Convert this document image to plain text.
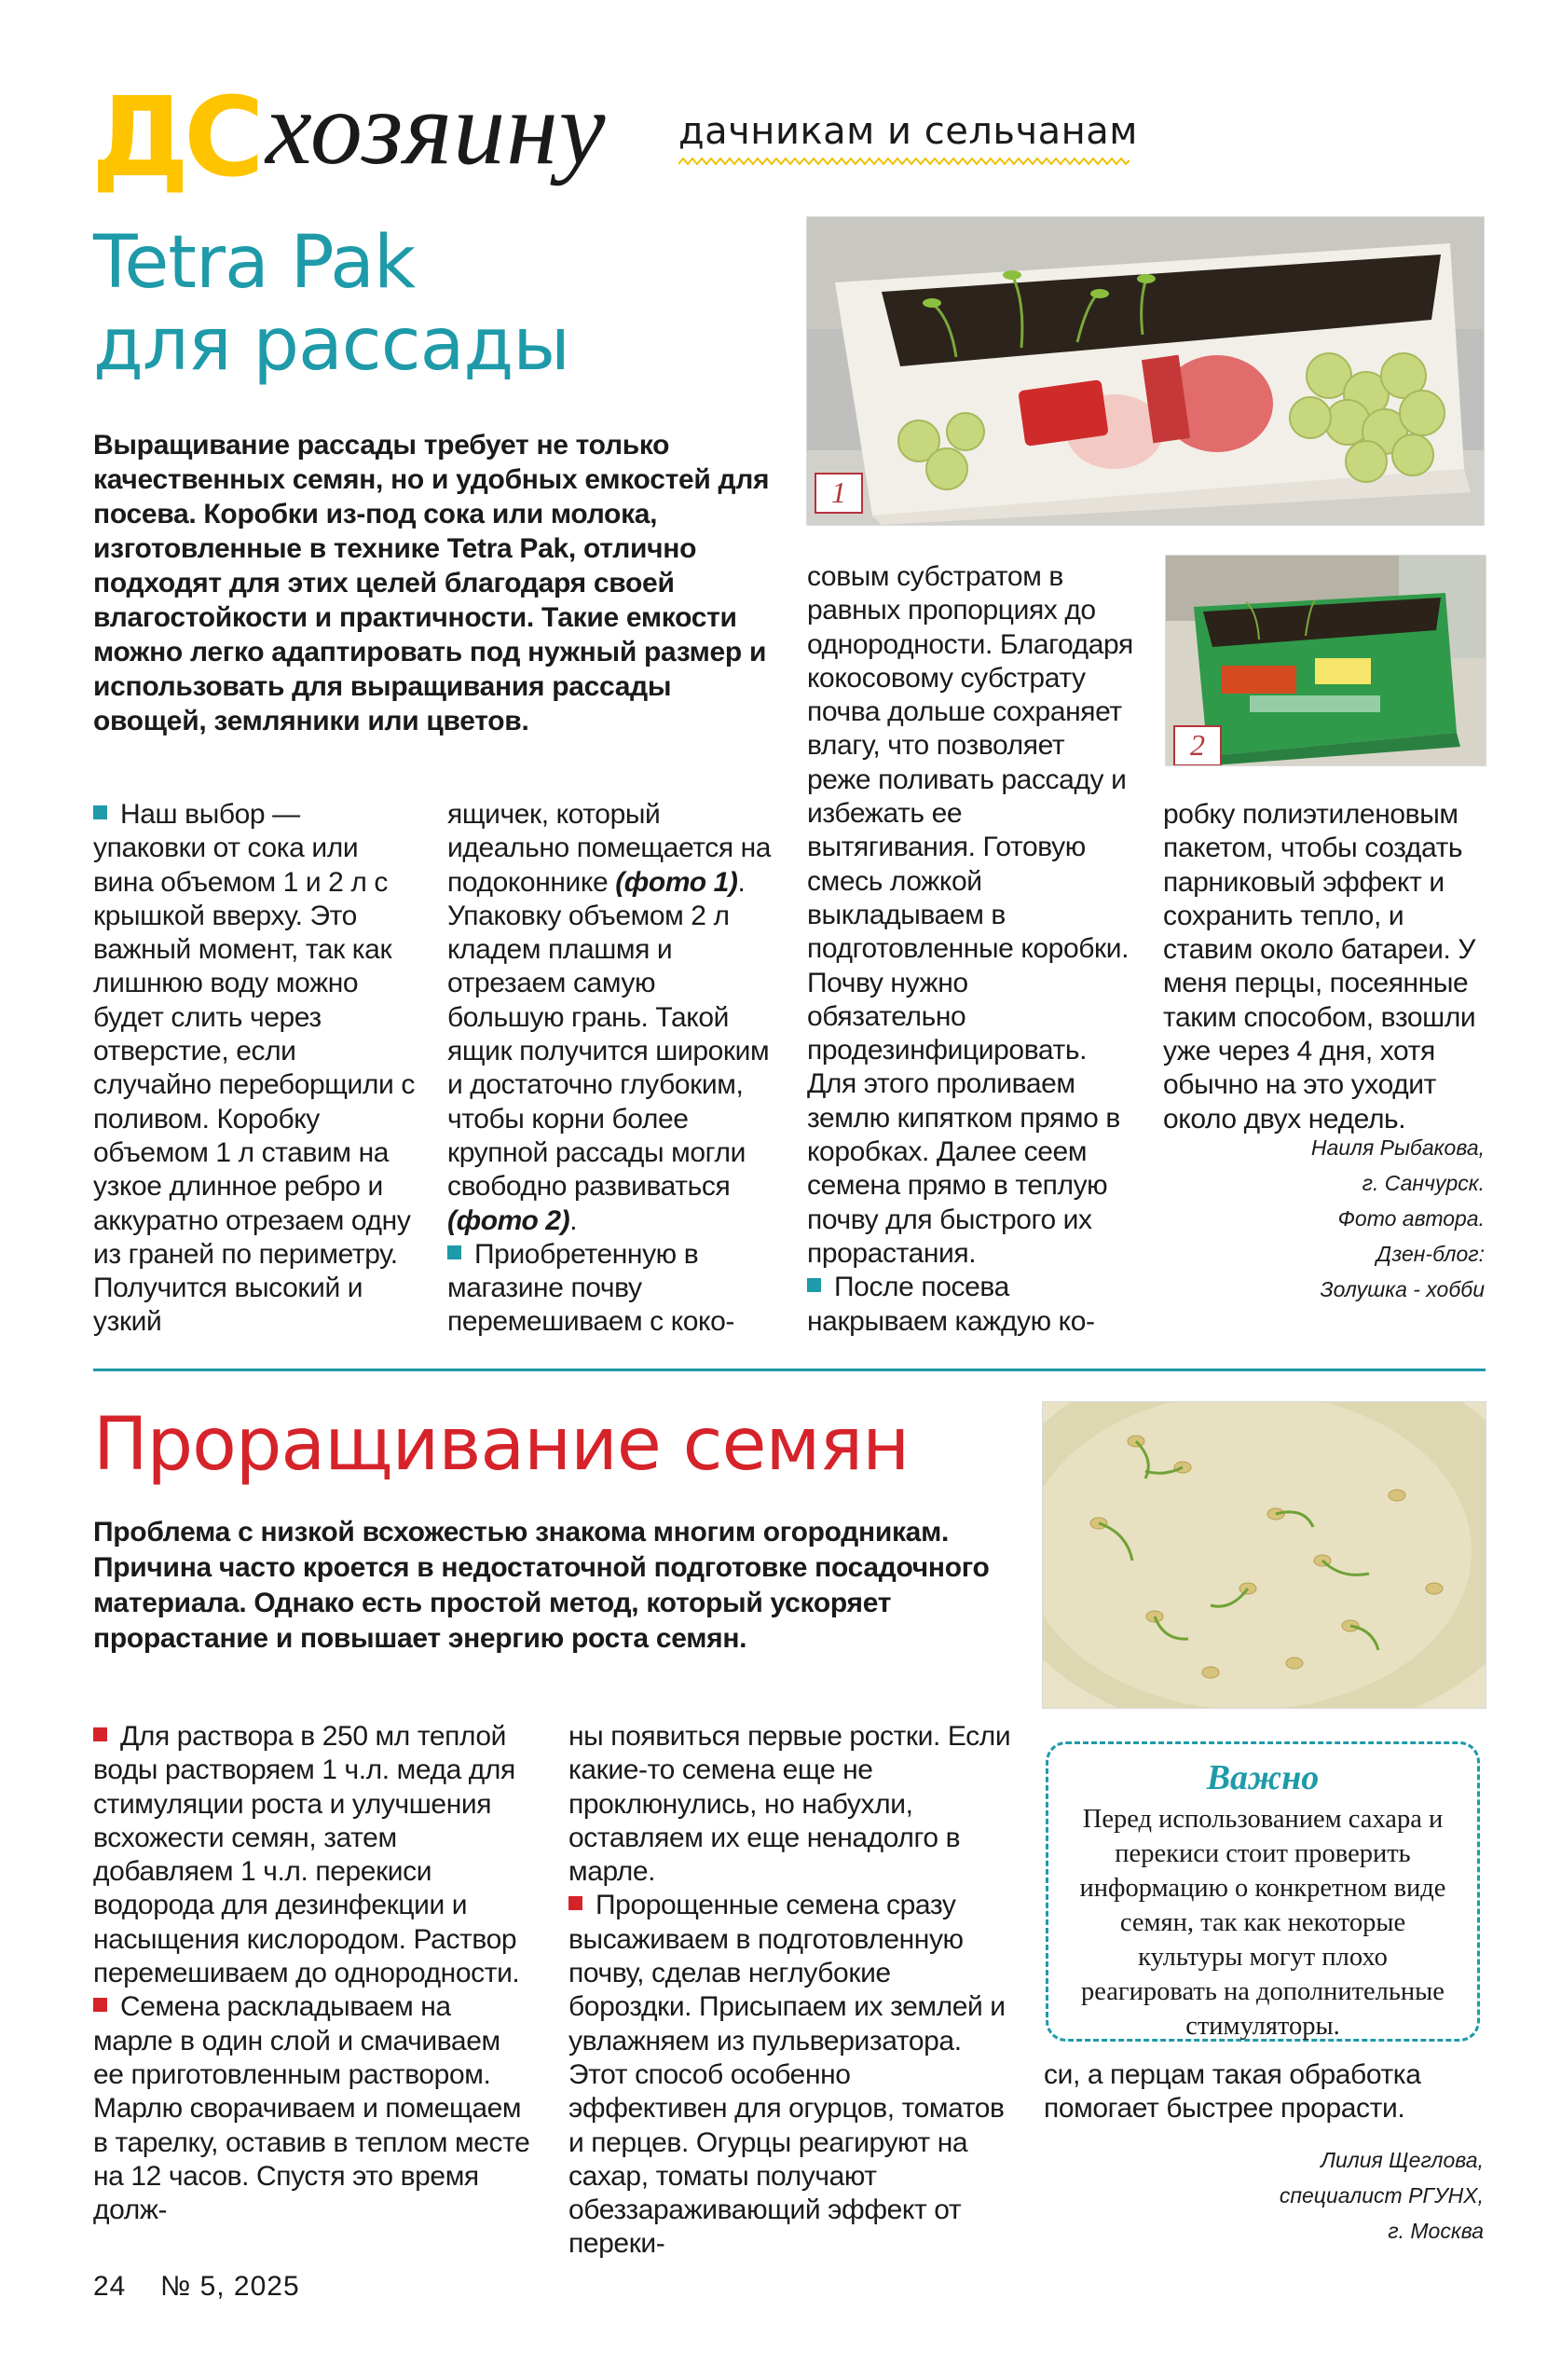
ДС хозяину дачникам и сельчанам
Tetra Pak
для рассады

Выращивание рассады требует не только качественных семян, но и удобных емкостей для посева. Коробки из-под сока или молока, изготовленные в технике Tetra Pak, отлично подходят для этих целей благодаря своей влагостойкости и практичности. Такие емкости можно легко адаптировать под нужный размер и использовать для выращивания рассады овощей, земляники или цветов.

1
2

Наш выбор — упаковки от сока или вина объемом 1 и 2 л с крышкой вверху. Это важный момент, так как лишнюю воду можно будет слить через отверстие, если случайно переборщили с поливом. Коробку объемом 1 л ставим на узкое длинное ребро и аккуратно отрезаем одну из граней по периметру. Получится высокий и узкий

ящичек, который идеально помещается на подоконнике (фото 1). Упаковку объемом 2 л кладем плашмя и отрезаем самую большую грань. Такой ящик получится широким и достаточно глубоким, чтобы корни более крупной рассады могли свободно развиваться (фото 2).

Приобретенную в магазине почву перемешиваем с коко-

совым субстратом в равных пропорциях до однородности. Благодаря кокосовому субстрату почва дольше сохраняет влагу, что позволяет реже поливать рассаду и избежать ее вытягивания. Готовую смесь ложкой выкладываем в подготовленные коробки. Почву нужно обязательно продезинфицировать. Для этого проливаем землю кипятком прямо в коробках. Далее сеем семена прямо в теплую почву для быстрого их прорастания.

После посева накрываем каждую ко-

робку полиэтиленовым пакетом, чтобы создать парниковый эффект и сохранить тепло, и ставим около батареи. У меня перцы, посеянные таким способом, взошли уже через 4 дня, хотя обычно на это уходит около двух недель.

Наиля Рыбакова,
г. Санчурск.
Фото автора.
Дзен-блог:
Золушка - хобби
Проращивание семян

Проблема с низкой всхожестью знакома многим огородникам. Причина часто кроется в недостаточной подготовке посадочного материала. Однако есть простой метод, который ускоряет прорастание и повышает энергию роста семян.

Для раствора в 250 мл теплой воды растворяем 1 ч.л. меда для стимуляции роста и улучшения всхожести семян, затем добавляем 1 ч.л. перекиси водорода для дезинфекции и насыщения кислородом. Раствор перемешиваем до однородности.

Семена раскладываем на марле в один слой и смачиваем ее приготовленным раствором. Марлю сворачиваем и помещаем в тарелку, оставив в теплом месте на 12 часов. Спустя это время долж-

ны появиться первые ростки. Если какие-то семена еще не проклюнулись, но набухли, оставляем их еще ненадолго в марле.

Пророщенные семена сразу высаживаем в подготовленную почву, сделав неглубокие бороздки. Присыпаем их землей и увлажняем из пульверизатора. Этот способ особенно эффективен для огурцов, томатов и перцев. Огурцы реагируют на сахар, томаты получают обеззараживающий эффект от переки-

Важно
Перед использованием сахара и перекиси стоит проверить информацию о конкретном виде семян, так как некоторые культуры могут плохо реагировать на дополнительные стимуляторы.

си, а перцам такая обработка помогает быстрее прорасти.

Лилия Щеглова,
специалист РГУНХ,
г. Москва
24 № 5, 2025
